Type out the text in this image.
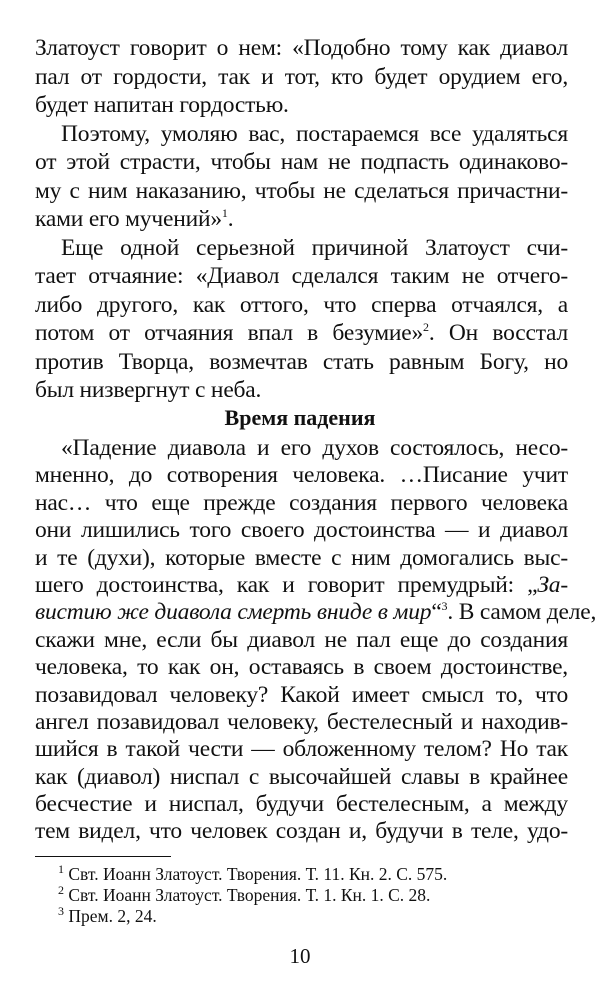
Златоуст говорит о нем: «Подобно тому как диавол
пал от гордости, так и тот, кто будет орудием его,
будет напитан гордостью.
Поэтому, умоляю вас, постараемся все удаляться
от этой страсти, чтобы нам не подпасть одинаково-
му с ним наказанию, чтобы не сделаться причастни-
ками его мучений»$^1$.
Еще одной серьезной причиной Златоуст счи-
тает отчаяние: «Диавол сделался таким не отчего-
либо другого, как оттого, что сперва отчаялся, а
потом от отчаяния впал в безумие»$^2$. Он восстал
против Творца, возмечтав стать равным Богу, но
был низвергнут с неба.
Время падения
«Падение диавола и его духов состоялось, несо-
мненно, до сотворения человека. …Писание учит
нас… что еще прежде создания первого человека
они лишились того своего достоинства — и диавол
и те (духи), которые вместе с ним домогались выс-
шего достоинства, как и говорит премудрый: „За-
вистию же диавола смерть вниде в мир“$^3$. В самом деле,
скажи мне, если бы диавол не пал еще до создания
человека, то как он, оставаясь в своем достоинстве,
позавидовал человеку? Какой имеет смысл то, что
ангел позавидовал человеку, бестелесный и находив-
шийся в такой чести — обложенному телом? Но так
как (диавол) ниспал с высочайшей славы в крайнее
бесчестие и ниспал, будучи бестелесным, а между
тем видел, что человек создан и, будучи в теле, удо-
$^1$ Свт. Иоанн Златоуст. Творения. Т. 11. Кн. 2. С. 575.
$^2$ Свт. Иоанн Златоуст. Творения. Т. 1. Кн. 1. С. 28.
$^3$ Прем. 2, 24.
10
